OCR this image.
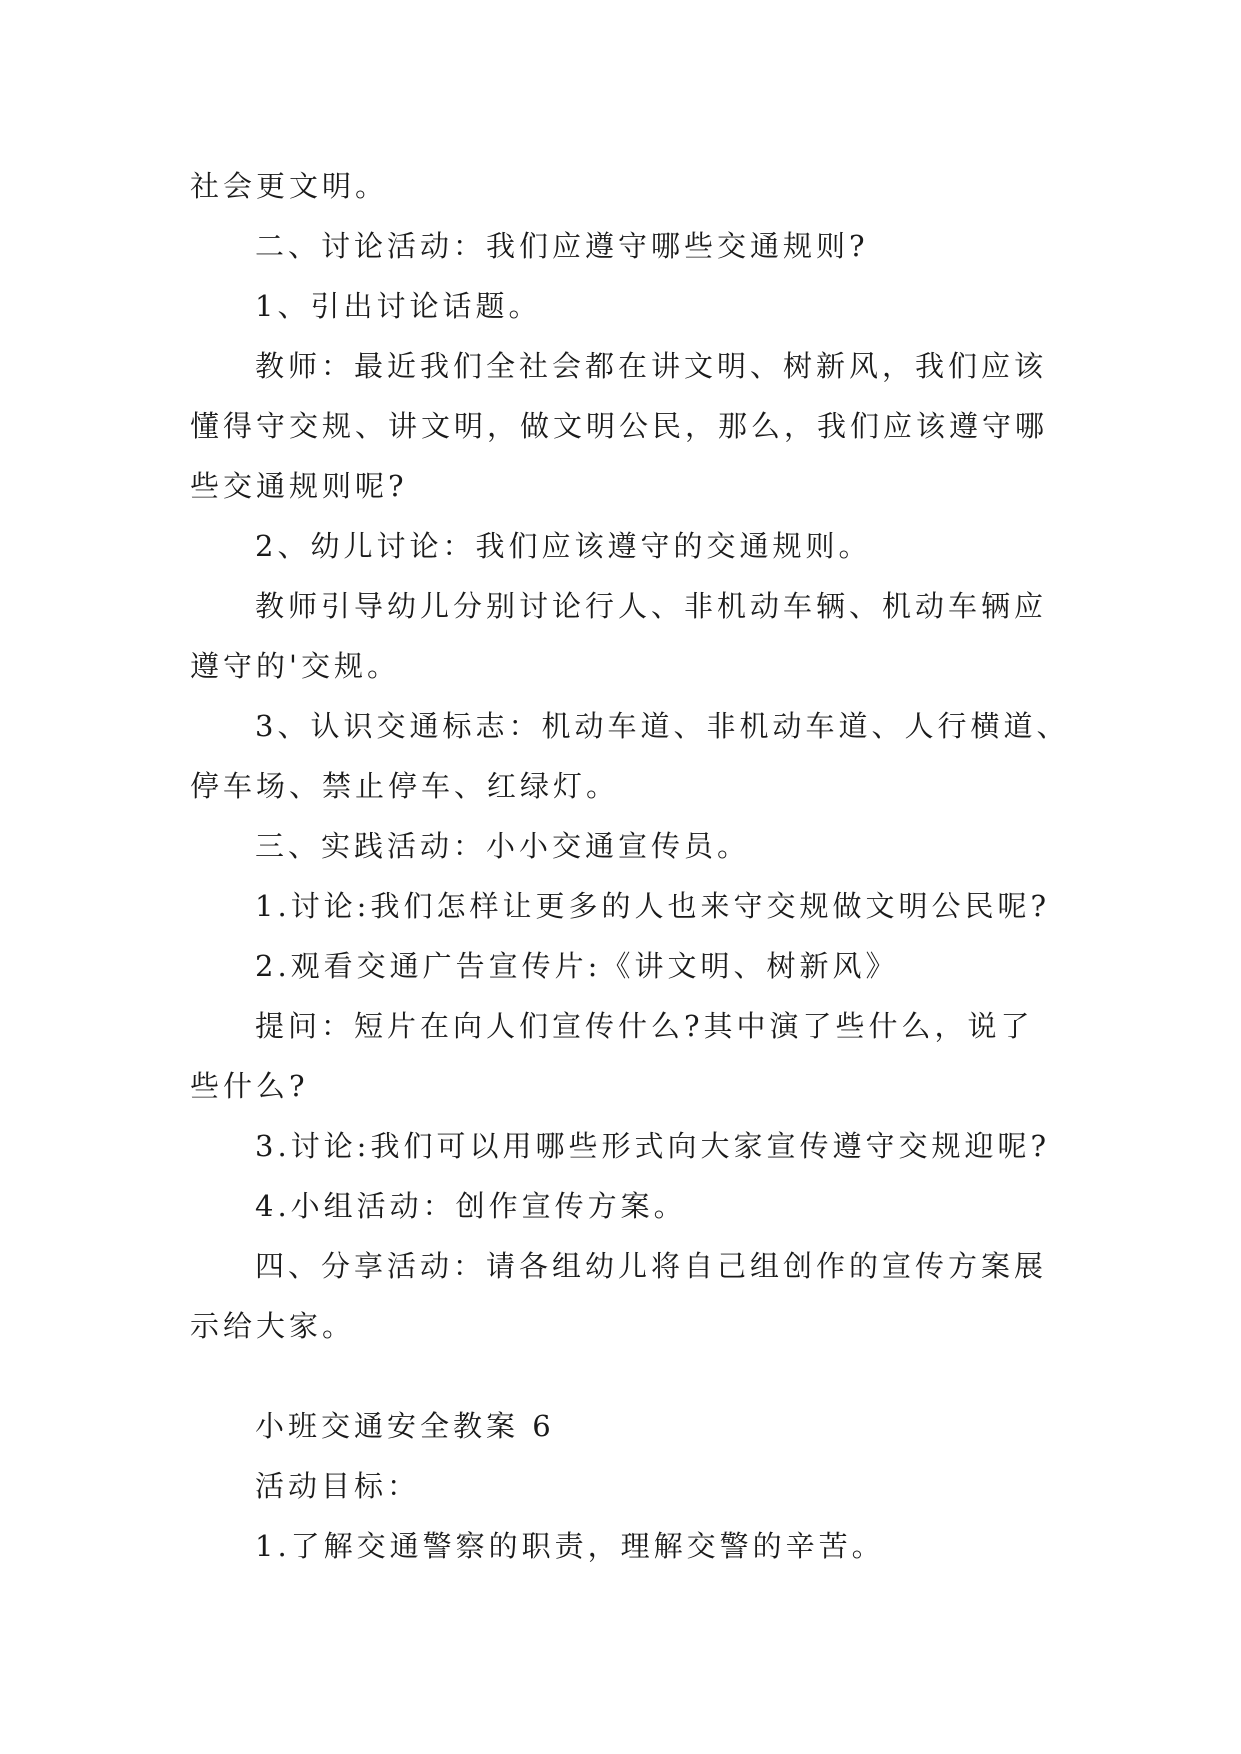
社会更文明。
二、讨论活动：我们应遵守哪些交通规则?
1、引出讨论话题。
教师：最近我们全社会都在讲文明、树新风，我们应该
懂得守交规、讲文明，做文明公民，那么，我们应该遵守哪
些交通规则呢?
2、幼儿讨论：我们应该遵守的交通规则。
教师引导幼儿分别讨论行人、非机动车辆、机动车辆应
遵守的'交规。
3、认识交通标志：机动车道、非机动车道、人行横道、
停车场、禁止停车、红绿灯。
三、实践活动：小小交通宣传员。
1.讨论:我们怎样让更多的人也来守交规做文明公民呢?
2.观看交通广告宣传片:《讲文明、树新风》
提问：短片在向人们宣传什么?其中演了些什么，说了
些什么?
3.讨论:我们可以用哪些形式向大家宣传遵守交规迎呢?
4.小组活动：创作宣传方案。
四、分享活动：请各组幼儿将自己组创作的宣传方案展
示给大家。
小班交通安全教案 6
活动目标：
1.了解交通警察的职责，理解交警的辛苦。
